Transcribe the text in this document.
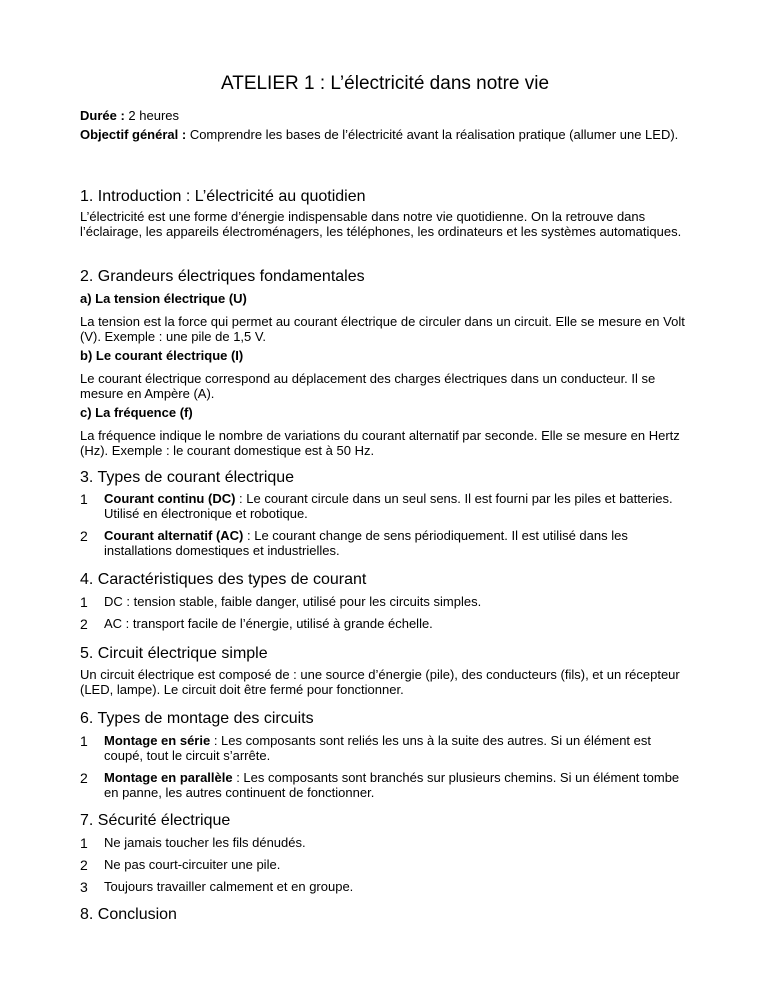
ATELIER 1 : L’électricité dans notre vie

Durée : 2 heures

Objectif général : Comprendre les bases de l’électricité avant la réalisation pratique (allumer une LED).

1. Introduction : L’électricité au quotidien

L’électricité est une forme d’énergie indispensable dans notre vie quotidienne. On la retrouve dans l’éclairage, les appareils électroménagers, les téléphones, les ordinateurs et les systèmes automatiques.

2. Grandeurs électriques fondamentales
a) La tension électrique (U)

La tension est la force qui permet au courant électrique de circuler dans un circuit. Elle se mesure en Volt (V). Exemple : une pile de 1,5 V.

b) Le courant électrique (I)

Le courant électrique correspond au déplacement des charges électriques dans un conducteur. Il se mesure en Ampère (A).

c) La fréquence (f)

La fréquence indique le nombre de variations du courant alternatif par seconde. Elle se mesure en Hertz (Hz). Exemple : le courant domestique est à 50 Hz.

3. Types de courant électrique
1 Courant continu (DC) : Le courant circule dans un seul sens. Il est fourni par les piles et batteries. Utilisé en électronique et robotique.
2 Courant alternatif (AC) : Le courant change de sens périodiquement. Il est utilisé dans les installations domestiques et industrielles.
4. Caractéristiques des types de courant
1 DC : tension stable, faible danger, utilisé pour les circuits simples.
2 AC : transport facile de l’énergie, utilisé à grande échelle.
5. Circuit électrique simple

Un circuit électrique est composé de : une source d’énergie (pile), des conducteurs (fils), et un récepteur (LED, lampe). Le circuit doit être fermé pour fonctionner.

6. Types de montage des circuits
1 Montage en série : Les composants sont reliés les uns à la suite des autres. Si un élément est coupé, tout le circuit s’arrête.
2 Montage en parallèle : Les composants sont branchés sur plusieurs chemins. Si un élément tombe en panne, les autres continuent de fonctionner.
7. Sécurité électrique
1 Ne jamais toucher les fils dénudés.
2 Ne pas court-circuiter une pile.
3 Toujours travailler calmement et en groupe.
8. Conclusion
